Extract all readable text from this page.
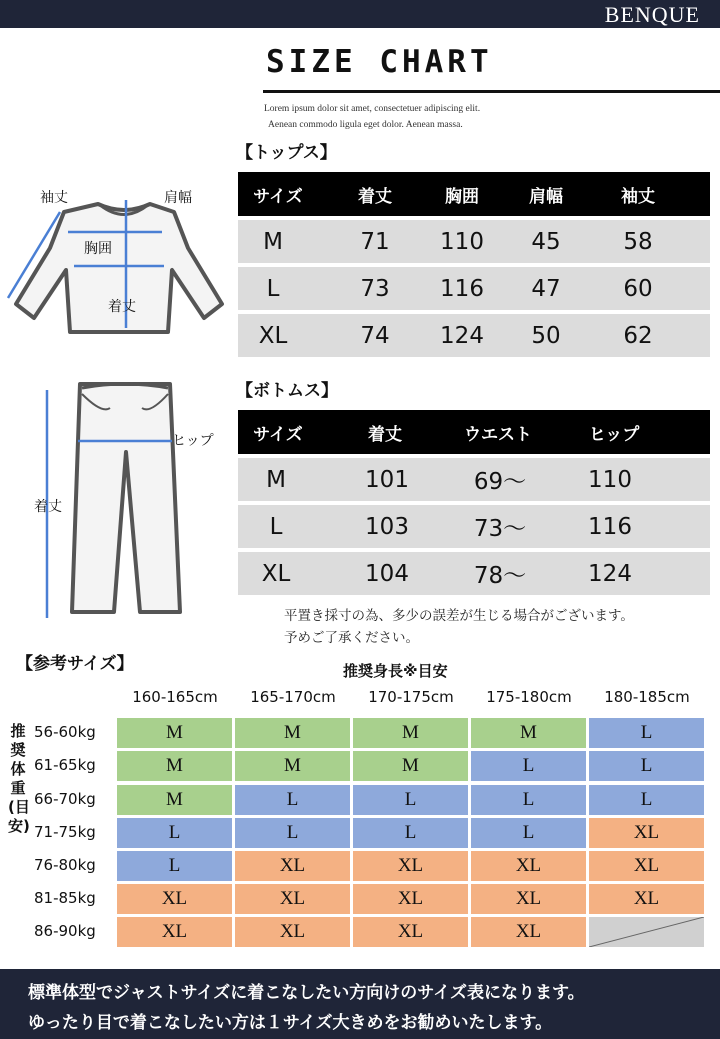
BENQUE
SIZE CHART
Lorem ipsum dolor sit amet, consectetuer adipiscing elit.
Aenean commodo ligula eget dolor. Aenean massa.
【トップス】
袖丈	肩幅
胸囲
着丈
サイズ	着丈	胸囲	肩幅	袖丈
M	71	110	45	58
L	73	116	47	60
XL	74	124	50	62
【ボトムス】
ヒップ
着丈
サイズ	着丈	ウエスト	ヒップ
M	101	69～	110
L	103	73～	116
XL	104	78～	124
平置き採寸の為、多少の誤差が生じる場合がございます。
予めご了承ください。
【参考サイズ】	推奨身長※目安
推奨体重(目安)
160-165cm	165-170cm	170-175cm	175-180cm	180-185cm
56-60kg	M	M	M	M	L
61-65kg	M	M	M	L	L
66-70kg	M	L	L	L	L
71-75kg	L	L	L	L	XL
76-80kg	L	XL	XL	XL	XL
81-85kg	XL	XL	XL	XL	XL
86-90kg	XL	XL	XL	XL
標準体型でジャストサイズに着こなしたい方向けのサイズ表になります。
ゆったり目で着こなしたい方は１サイズ大きめをお勧めいたします。
